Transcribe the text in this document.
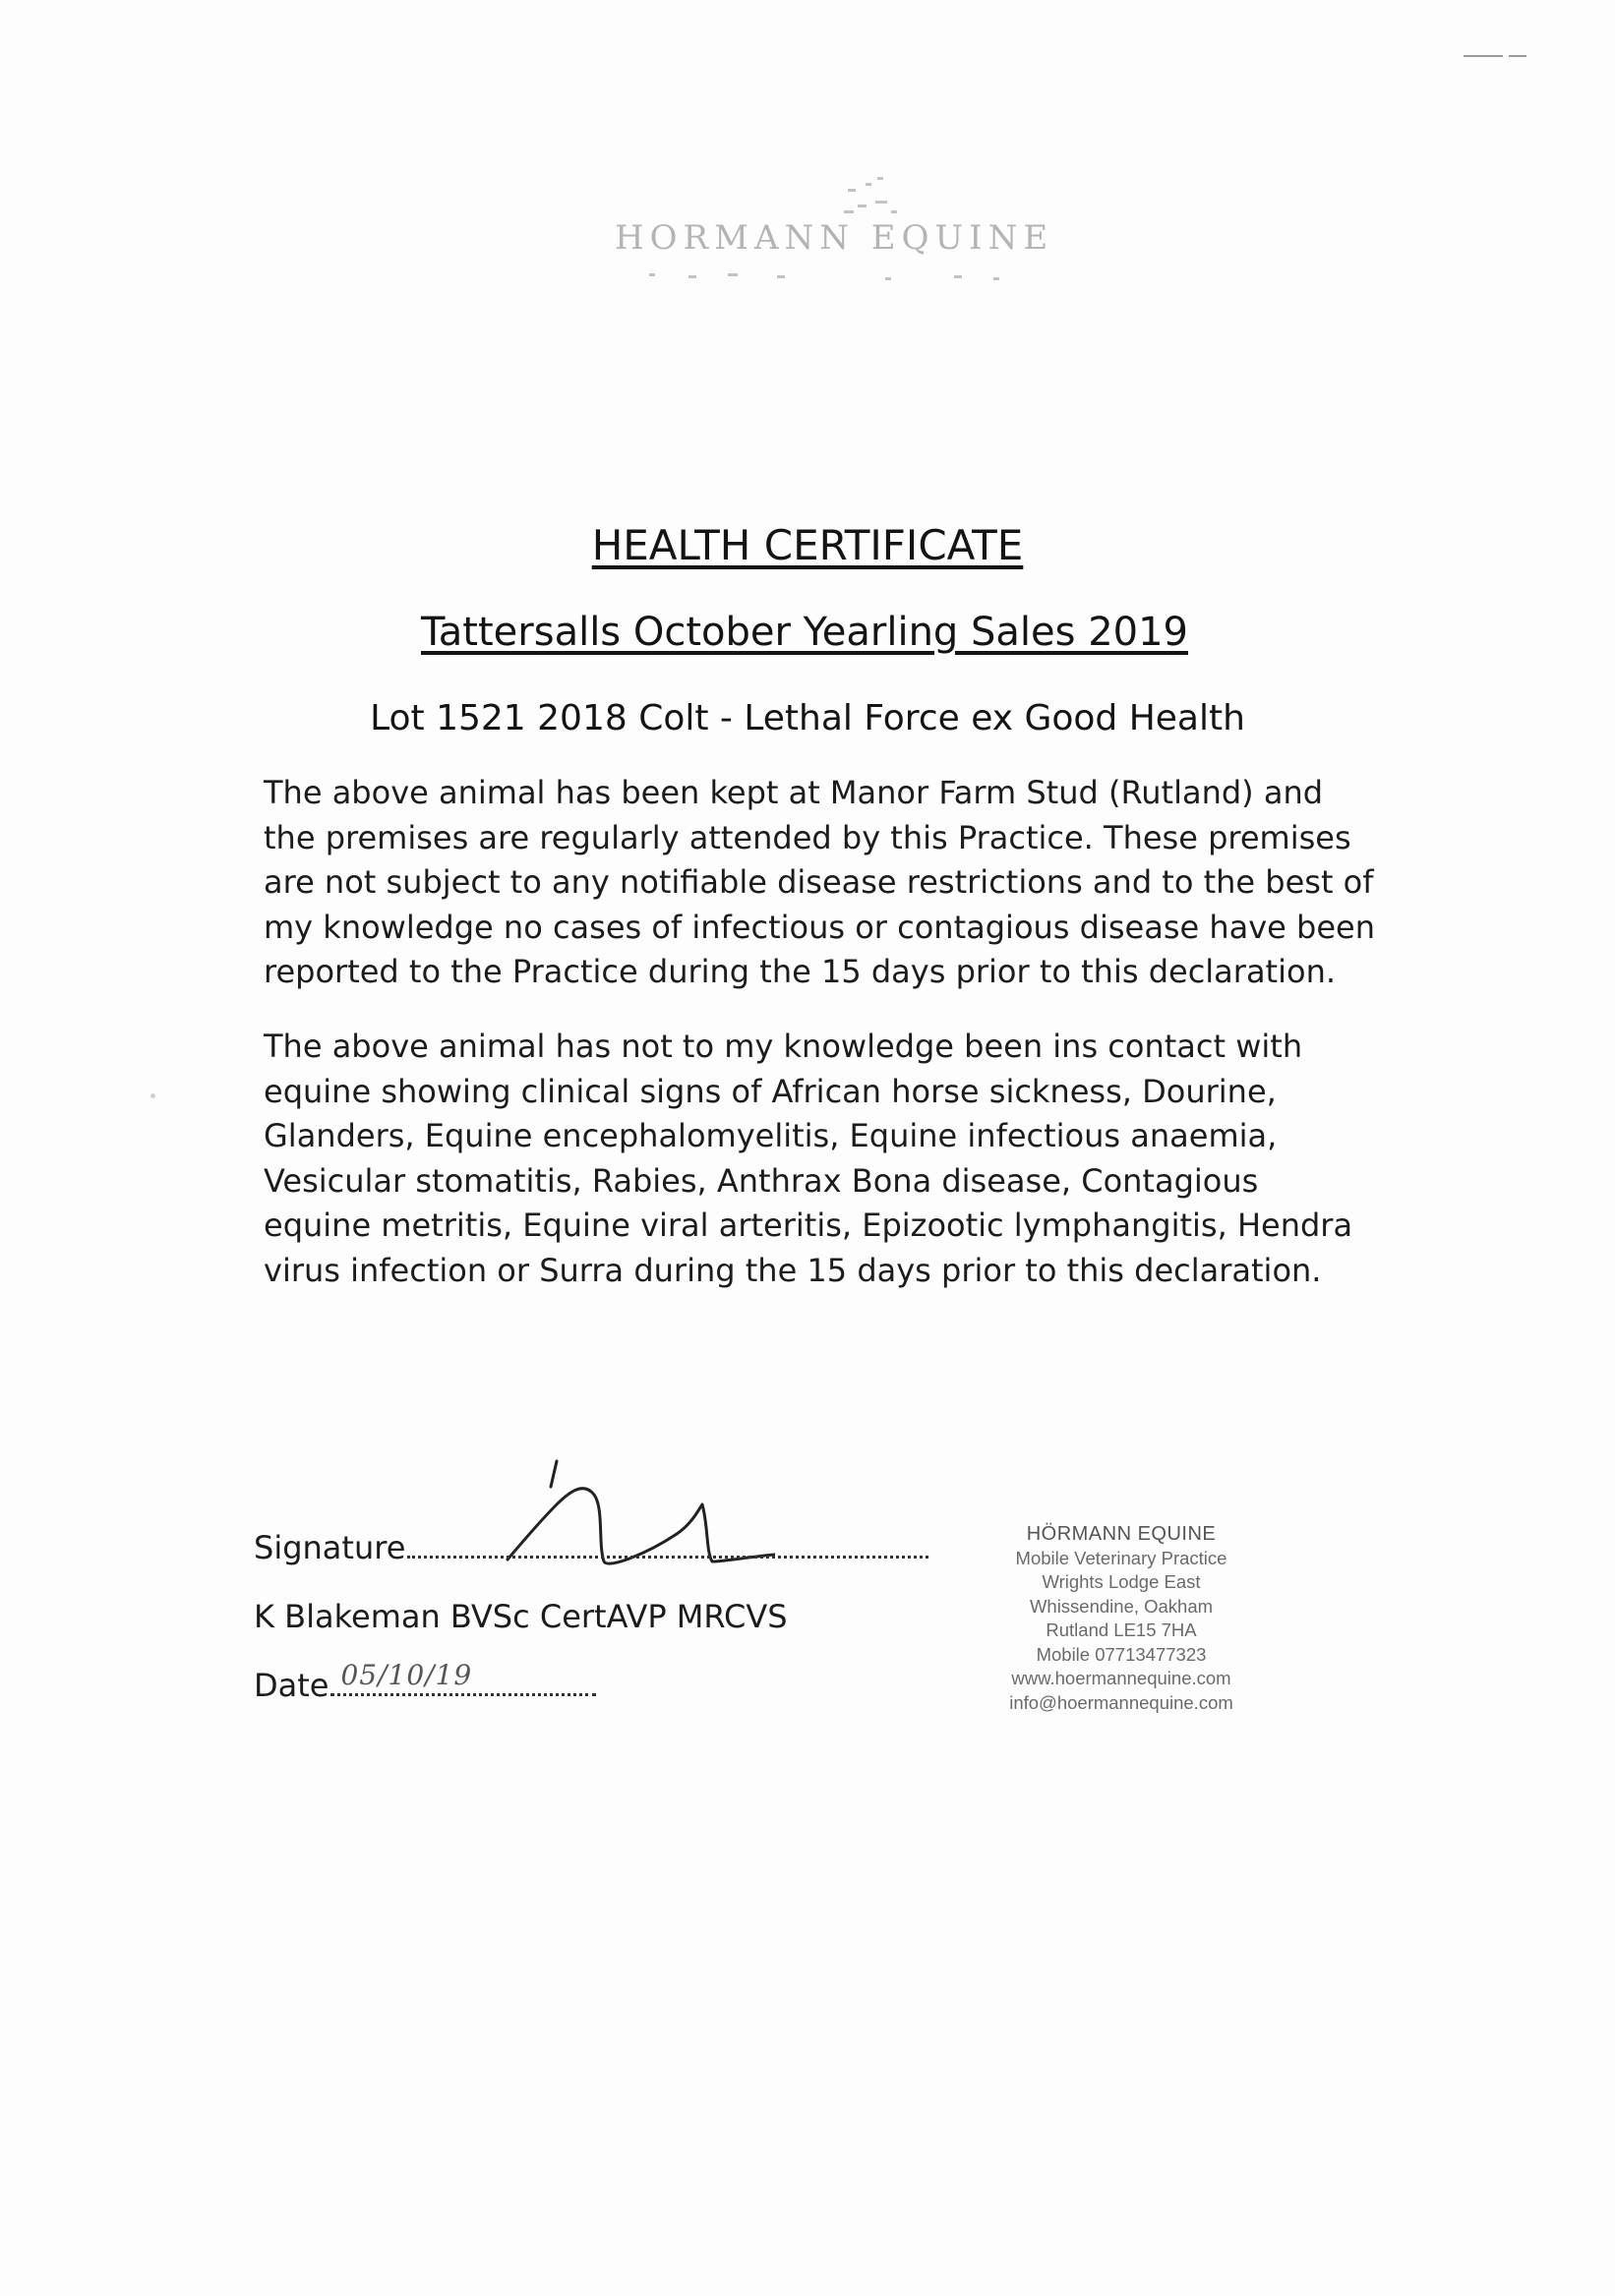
HORMANN EQUINE
HEALTH CERTIFICATE
Tattersalls October Yearling Sales 2019

Lot 1521 2018 Colt - Lethal Force ex Good Health

The above animal has been kept at Manor Farm Stud (Rutland) and the premises are regularly attended by this Practice. These premises are not subject to any notifiable disease restrictions and to the best of my knowledge no cases of infectious or contagious disease have been reported to the Practice during the 15 days prior to this declaration.

The above animal has not to my knowledge been ins contact with equine showing clinical signs of African horse sickness, Dourine, Glanders, Equine encephalomyelitis, Equine infectious anaemia, Vesicular stomatitis, Rabies, Anthrax Bona disease, Contagious equine metritis, Equine viral arteritis, Epizootic lymphangitis, Hendra virus infection or Surra during the 15 days prior to this declaration.

Signature
K Blakeman BVSc CertAVP MRCVS
Date 05/10/19
HÖRMANN EQUINE
Mobile Veterinary Practice
Wrights Lodge East
Whissendine, Oakham
Rutland LE15 7HA
Mobile 07713477323
www.hoermannequine.com
info@hoermannequine.com
